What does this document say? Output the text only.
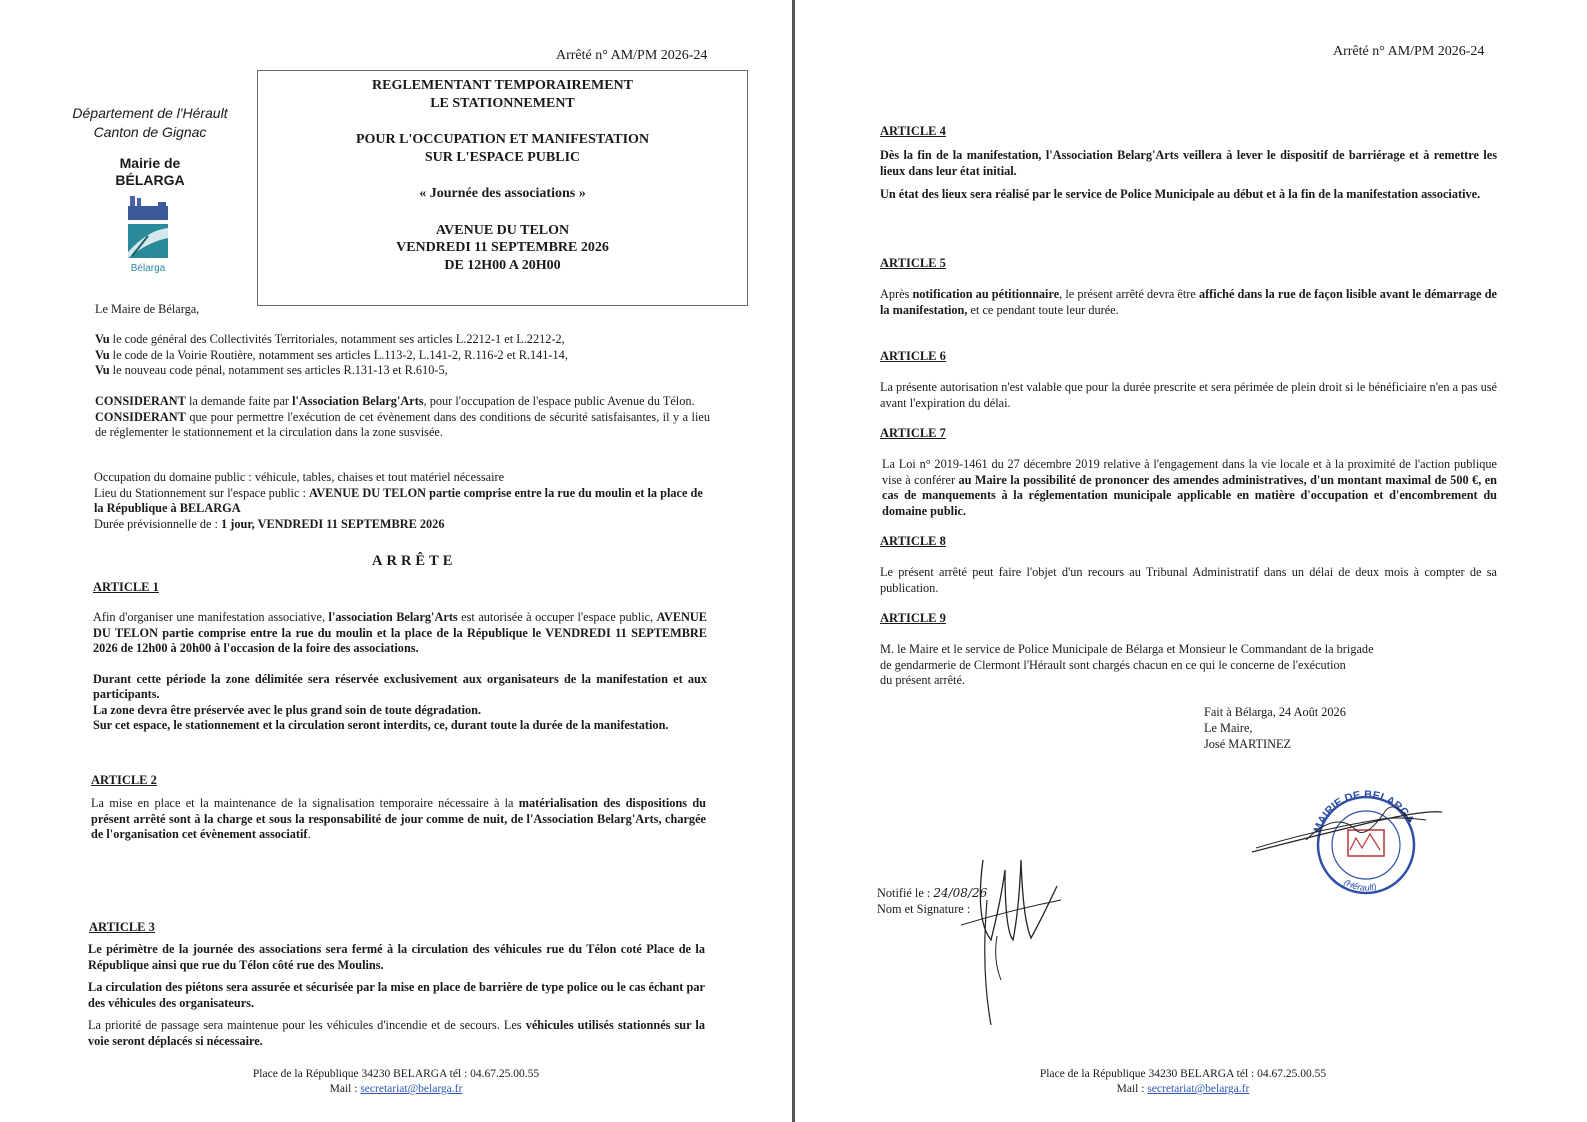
Arrêté n° AM/PM 2026-24
Département de l'Hérault
Canton de Gignac
Mairie de
BÉLARGA
Bélarga
REGLEMENTANT TEMPORAIREMENT
LE STATIONNEMENT
POUR L'OCCUPATION ET MANIFESTATION
SUR L'ESPACE PUBLIC
« Journée des associations »
AVENUE DU TELON
VENDREDI 11 SEPTEMBRE 2026
DE 12H00 A 20H00
Le Maire de Bélarga,
Vu le code général des Collectivités Territoriales, notamment ses articles L.2212-1 et L.2212-2,
Vu le code de la Voirie Routière, notamment ses articles L.113-2, L.141-2, R.116-2 et R.141-14,
Vu le nouveau code pénal, notamment ses articles R.131-13 et R.610-5,

CONSIDERANT la demande faite par l'Association Belarg'Arts, pour l'occupation de l'espace public Avenue du Télon.

CONSIDERANT que pour permettre l'exécution de cet évènement dans des conditions de sécurité satisfaisantes, il y a lieu de réglementer le stationnement et la circulation dans la zone susvisée.

Occupation du domaine public : véhicule, tables, chaises et tout matériel nécessaire
Lieu du Stationnement sur l'espace public : AVENUE DU TELON partie comprise entre la rue du moulin et la place de la République à BELARGA
Durée prévisionnelle de : 1 jour, VENDREDI 11 SEPTEMBRE 2026
ARRÊTE
ARTICLE 1

Afin d'organiser une manifestation associative, l'association Belarg'Arts est autorisée à occuper l'espace public, AVENUE DU TELON partie comprise entre la rue du moulin et la place de la République le VENDREDI 11 SEPTEMBRE 2026 de 12h00 à 20h00 à l'occasion de la foire des associations.

Durant cette période la zone délimitée sera réservée exclusivement aux organisateurs de la manifestation et aux participants.

La zone devra être préservée avec le plus grand soin de toute dégradation.

Sur cet espace, le stationnement et la circulation seront interdits, ce, durant toute la durée de la manifestation.

ARTICLE 2

La mise en place et la maintenance de la signalisation temporaire nécessaire à la matérialisation des dispositions du présent arrêté sont à la charge et sous la responsabilité de jour comme de nuit, de l'Association Belarg'Arts, chargée de l'organisation cet évènement associatif.

ARTICLE 3

Le périmètre de la journée des associations sera fermé à la circulation des véhicules rue du Télon coté Place de la République ainsi que rue du Télon côté rue des Moulins.

La circulation des piétons sera assurée et sécurisée par la mise en place de barrière de type police ou le cas échant par des véhicules des organisateurs.

La priorité de passage sera maintenue pour les véhicules d'incendie et de secours. Les véhicules utilisés stationnés sur la voie seront déplacés si nécessaire.

Place de la République 34230 BELARGA tél : 04.67.25.00.55
Mail : secretariat@belarga.fr
Arrêté n° AM/PM 2026-24
ARTICLE 4

Dès la fin de la manifestation, l'Association Belarg'Arts veillera à lever le dispositif de barriérage et à remettre les lieux dans leur état initial.

Un état des lieux sera réalisé par le service de Police Municipale au début et à la fin de la manifestation associative.

ARTICLE 5

Après notification au pétitionnaire, le présent arrêté devra être affiché dans la rue de façon lisible avant le démarrage de la manifestation, et ce pendant toute leur durée.

ARTICLE 6
La présente autorisation n'est valable que pour la durée prescrite et sera périmée de plein droit si le bénéficiaire n'en a pas usé avant l'expiration du délai.
ARTICLE 7

La Loi n° 2019-1461 du 27 décembre 2019 relative à l'engagement dans la vie locale et à la proximité de l'action publique vise à conférer au Maire la possibilité de prononcer des amendes administratives, d'un montant maximal de 500 €, en cas de manquements à la réglementation municipale applicable en matière d'occupation et d'encombrement du domaine public.

ARTICLE 8
Le présent arrêté peut faire l'objet d'un recours au Tribunal Administratif dans un délai de deux mois à compter de sa publication.
ARTICLE 9
M. le Maire et le service de Police Municipale de Bélarga et Monsieur le Commandant de la brigade
de gendarmerie de Clermont l'Hérault sont chargés chacun en ce qui le concerne de l'exécution
du présent arrêté.
Fait à Bélarga, 24 Août 2026
Le Maire,
José MARTINEZ
MAIRIE DE BELARGA
(Hérault)
Notifié le : 24/08/26
Nom et Signature :
Place de la République 34230 BELARGA tél : 04.67.25.00.55
Mail : secretariat@belarga.fr
